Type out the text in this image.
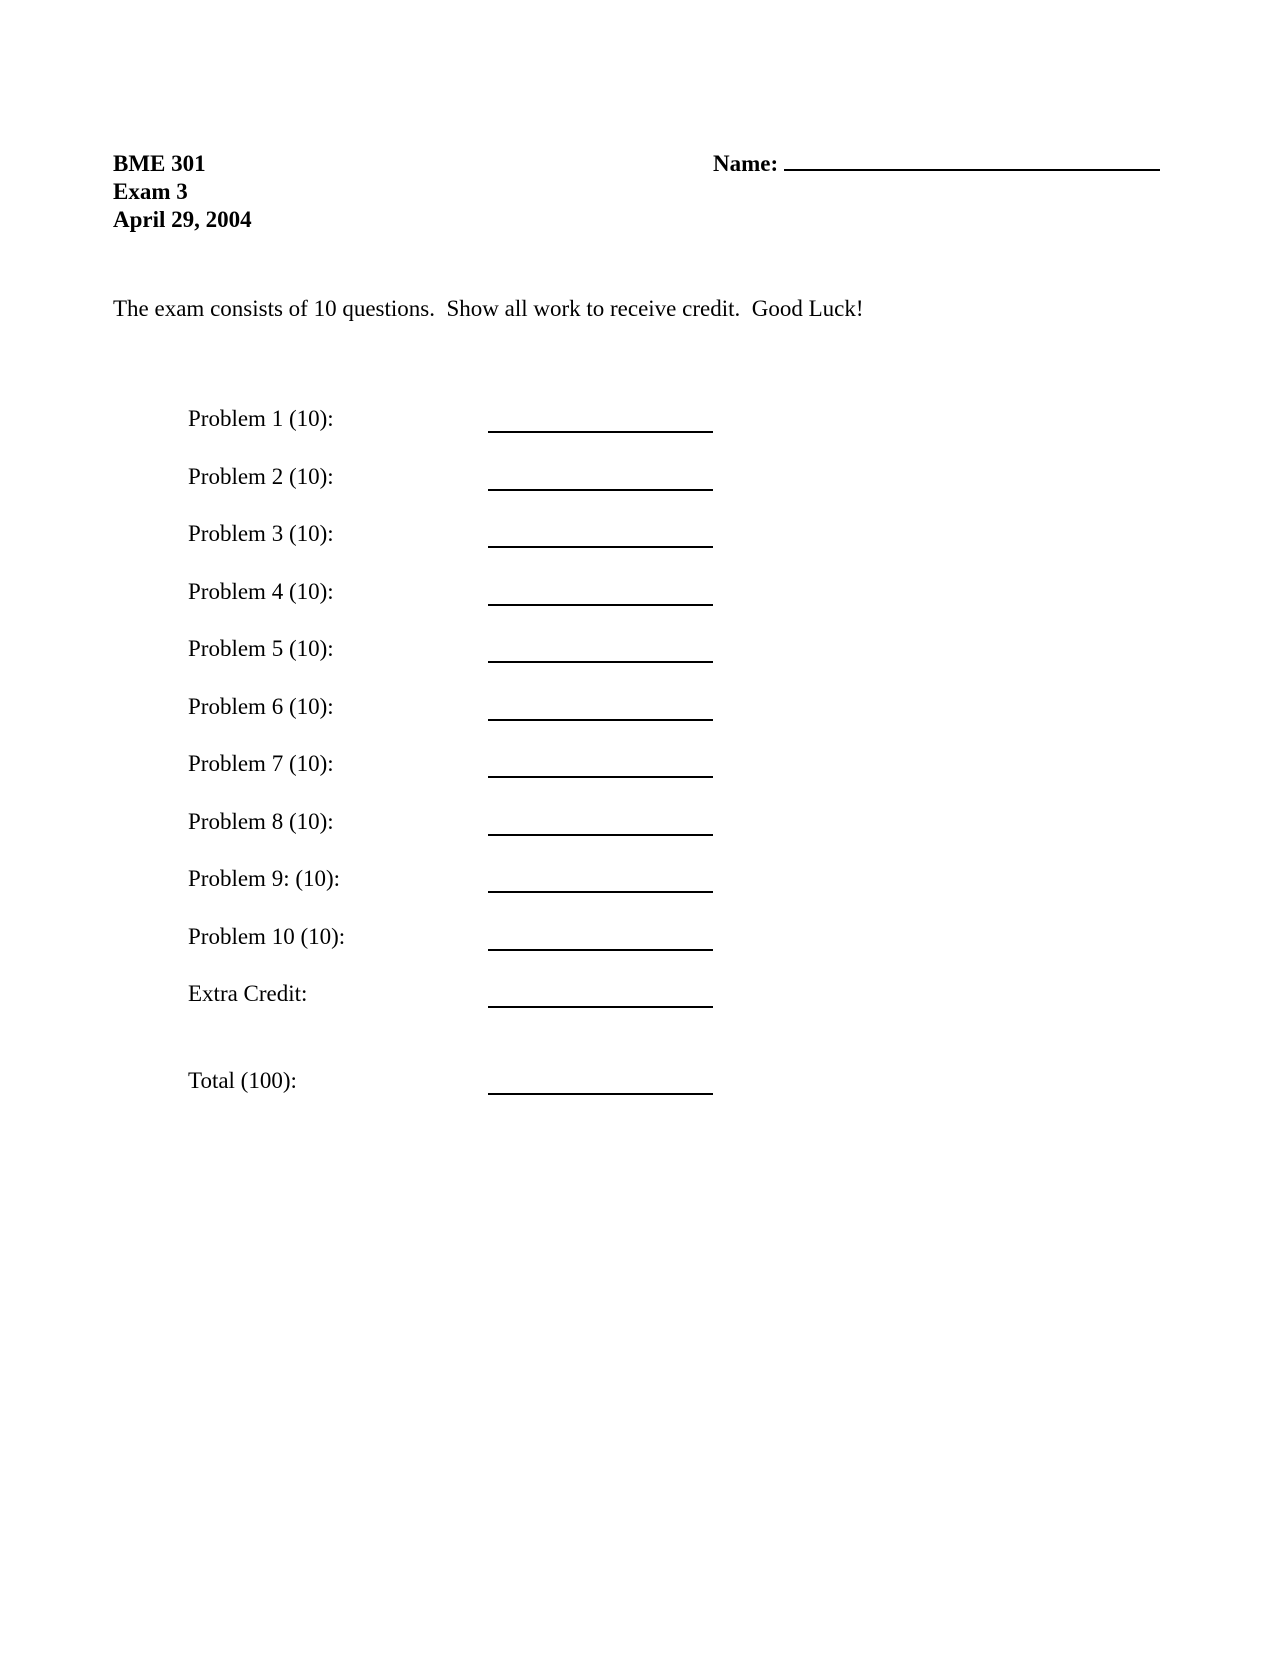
BME 301
Exam 3
April 29, 2004
Name:
The exam consists of 10 questions.  Show all work to receive credit.  Good Luck!
Problem 1 (10):
Problem 2 (10):
Problem 3 (10):
Problem 4 (10):
Problem 5 (10):
Problem 6 (10):
Problem 7 (10):
Problem 8 (10):
Problem 9: (10):
Problem 10 (10):
Extra Credit:
Total (100):
